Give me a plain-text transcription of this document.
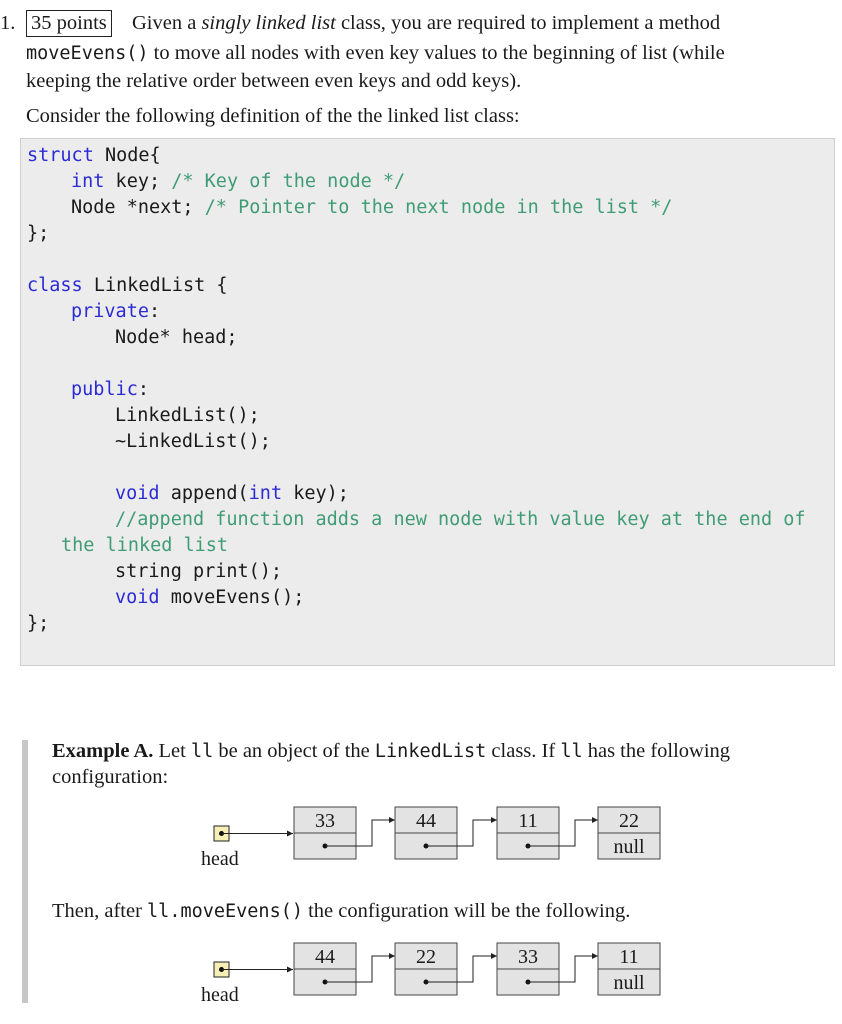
1. 35 points Given a singly linked list class, you are required to implement a method
moveEvens() to move all nodes with even key values to the beginning of list (while
keeping the relative order between even keys and odd keys).
Consider the following definition of the the linked list class:
struct Node{
int key; /* Key of the node */
Node *next; /* Pointer to the next node in the list */
};
class LinkedList {
private:
Node* head;
public:
LinkedList();
~LinkedList();
void append(int key);
//append function adds a new node with value key at the end of
the linked list
string print();
void moveEvens();
};
Example A. Let ll be an object of the LinkedList class. If ll has the following
configuration:
head
33	44	11	22
null
head
44	22	33	11
null
Then, after ll.moveEvens() the configuration will be the following.
